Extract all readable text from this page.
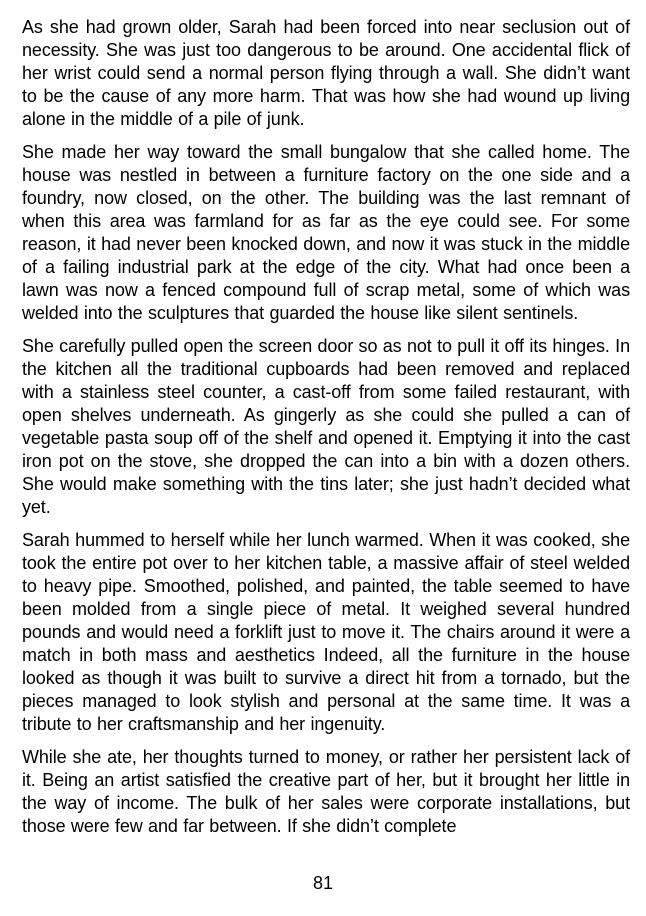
As she had grown older, Sarah had been forced into near seclusion out of necessity. She was just too dangerous to be around. One accidental flick of her wrist could send a normal person flying through a wall. She didn’t want to be the cause of any more harm. That was how she had wound up living alone in the middle of a pile of junk.

She made her way toward the small bungalow that she called home. The house was nestled in between a furniture factory on the one side and a foundry, now closed, on the other. The building was the last remnant of when this area was farmland for as far as the eye could see. For some reason, it had never been knocked down, and now it was stuck in the middle of a failing industrial park at the edge of the city. What had once been a lawn was now a fenced compound full of scrap metal, some of which was welded into the sculptures that guarded the house like silent sentinels.

She carefully pulled open the screen door so as not to pull it off its hinges. In the kitchen all the traditional cupboards had been removed and replaced with a stainless steel counter, a cast-off from some failed restaurant, with open shelves underneath. As gingerly as she could she pulled a can of vegetable pasta soup off of the shelf and opened it. Emptying it into the cast iron pot on the stove, she dropped the can into a bin with a dozen others. She would make something with the tins later; she just hadn’t decided what yet.

Sarah hummed to herself while her lunch warmed. When it was cooked, she took the entire pot over to her kitchen table, a massive affair of steel welded to heavy pipe. Smoothed, polished, and painted, the table seemed to have been molded from a single piece of metal. It weighed several hundred pounds and would need a forklift just to move it. The chairs around it were a match in both mass and aesthetics Indeed, all the furniture in the house looked as though it was built to survive a direct hit from a tornado, but the pieces managed to look stylish and personal at the same time. It was a tribute to her craftsmanship and her ingenuity.

While she ate, her thoughts turned to money, or rather her persistent lack of it. Being an artist satisfied the creative part of her, but it brought her little in the way of income. The bulk of her sales were corporate installations, but those were few and far between. If she didn’t complete

81
